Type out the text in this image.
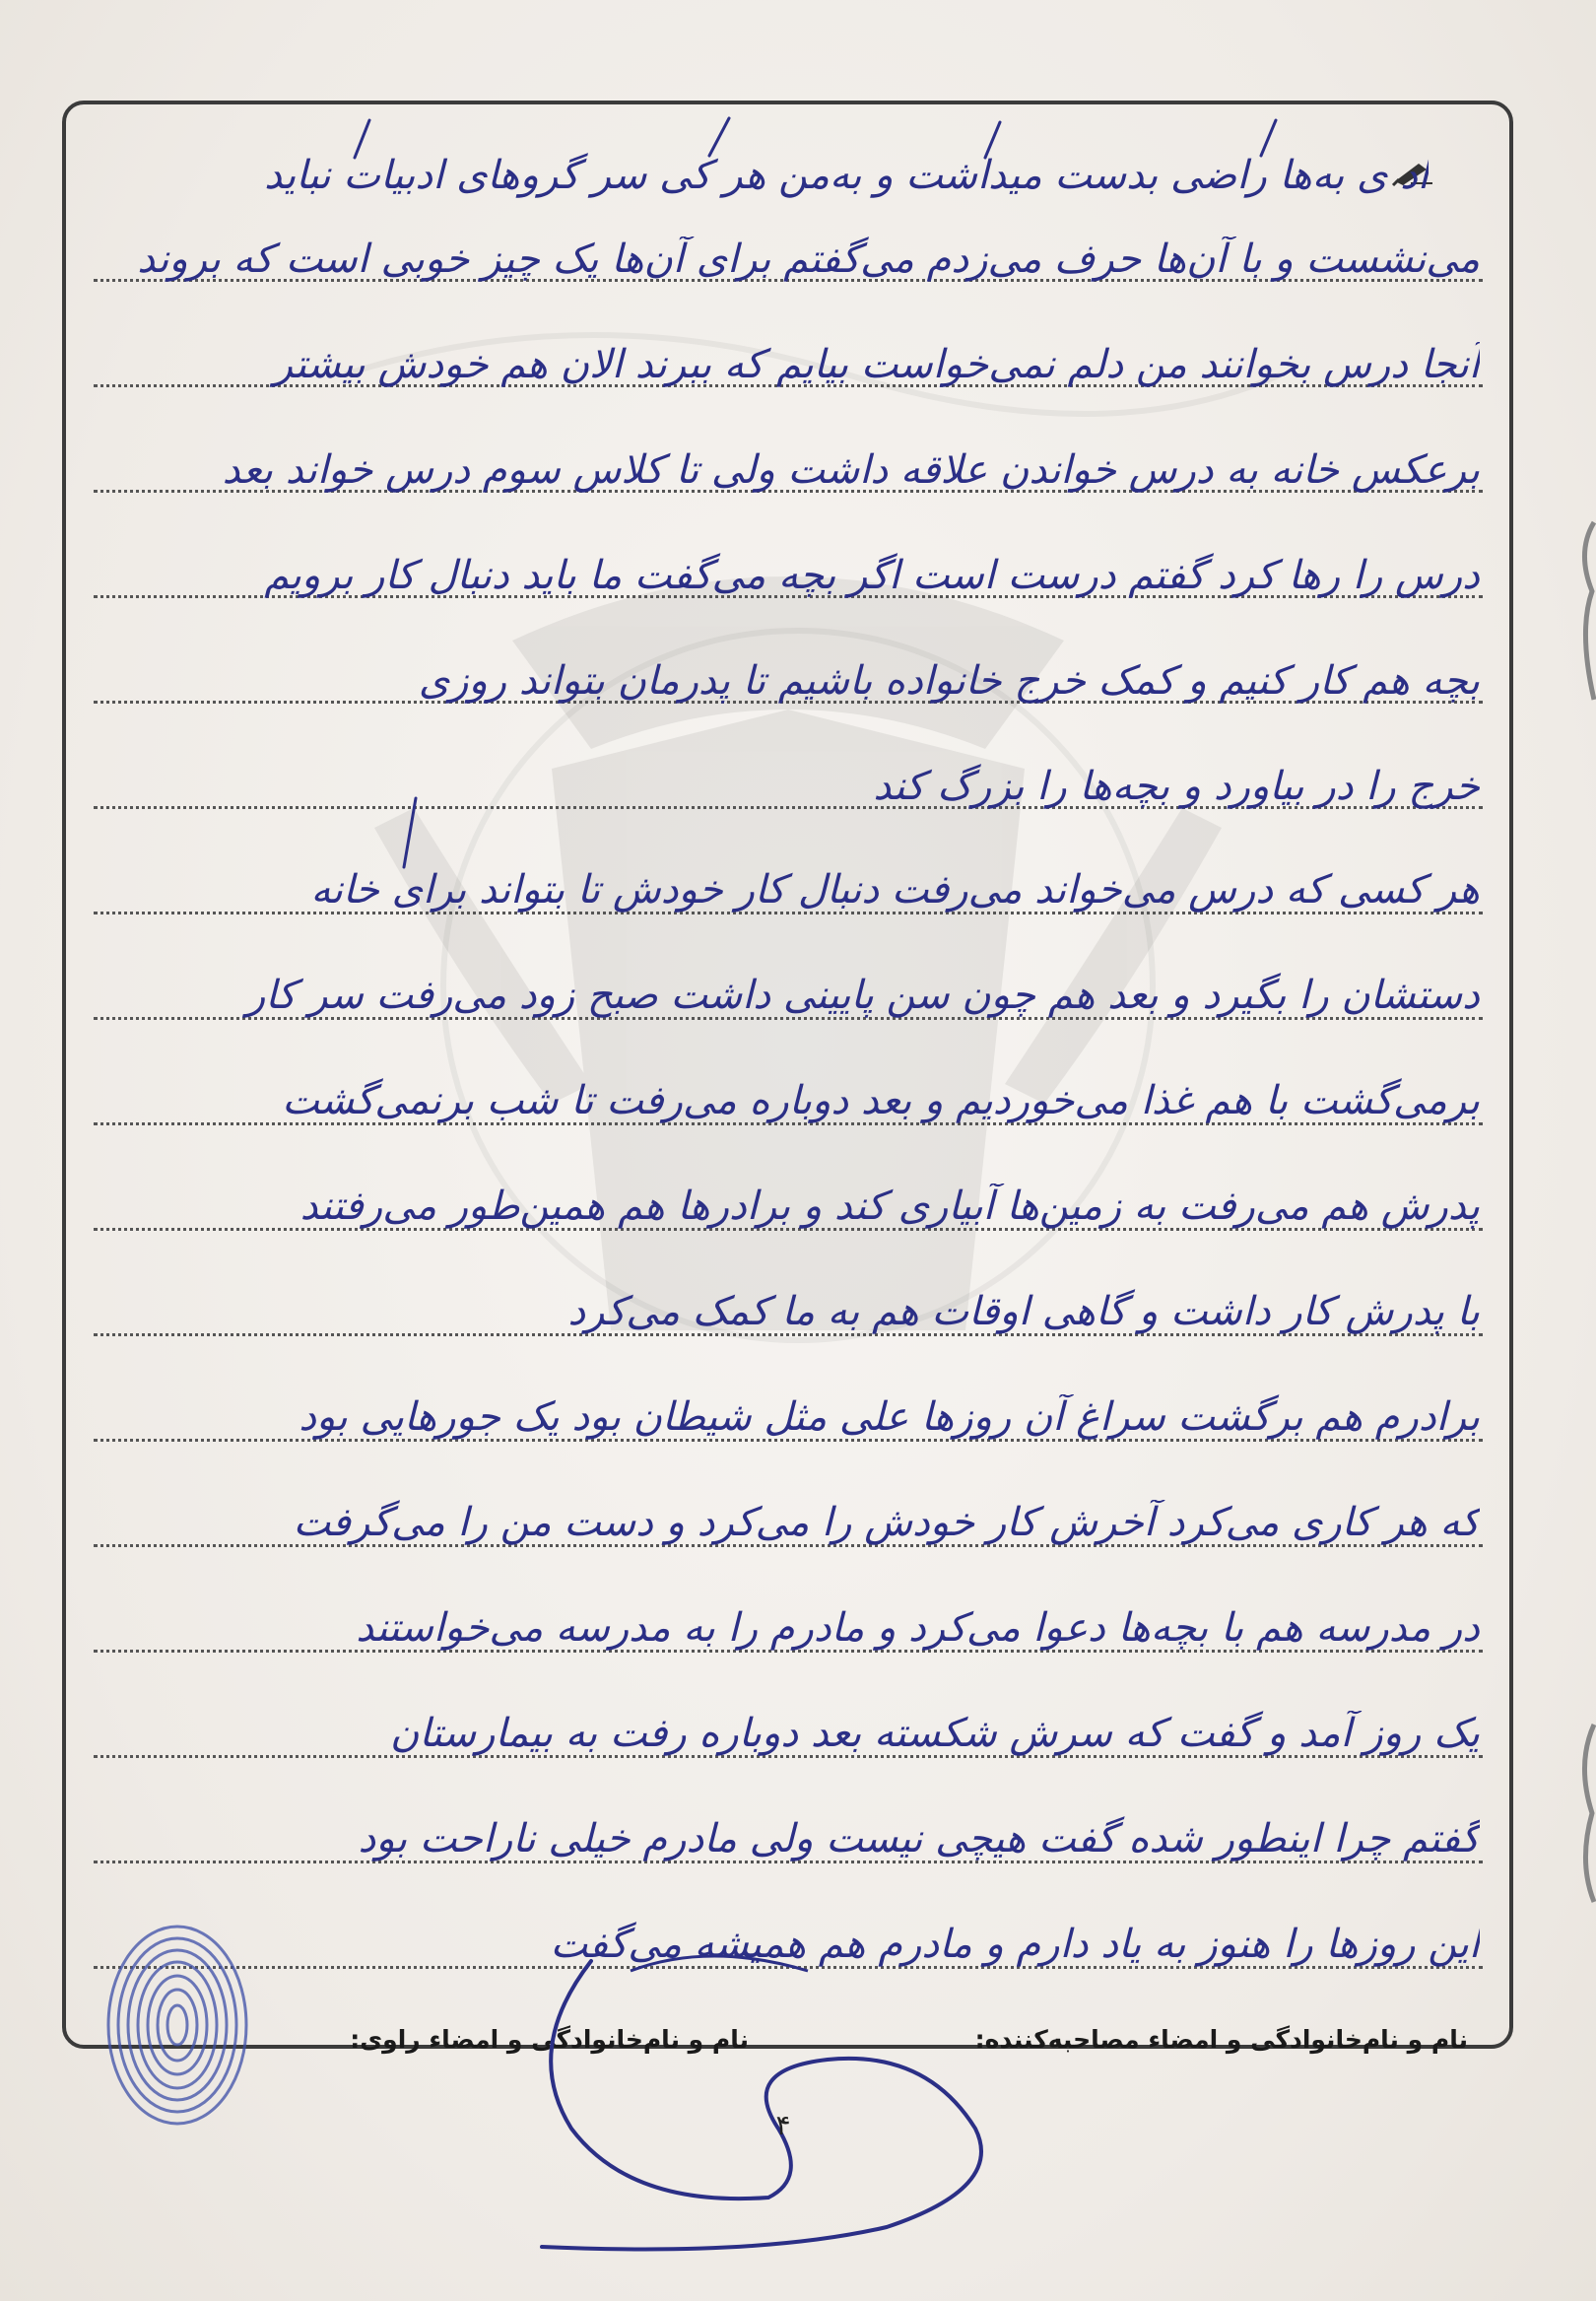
اد ی به‌ها راضی بدست میداشت و به‌من هر کی سر گروهای ادبیات نباید
می‌نشست و با آن‌ها حرف می‌زدم می‌گفتم برای آن‌ها یک چیز خوبی است که بروند
آنجا درس بخوانند من دلم نمی‌خواست بیایم که ببرند الان هم خودش بیشتر
برعکس خانه به درس خواندن علاقه داشت ولی تا کلاس سوم درس خواند بعد
درس را رها کرد گفتم درست است اگر بچه می‌گفت ما باید دنبال کار برویم
بچه هم کار کنیم و کمک خرج خانواده باشیم تا پدرمان بتواند روزی
خرج را در بیاورد و بچه‌ها را بزرگ کند
هر کسی که درس می‌خواند می‌رفت دنبال کار خودش تا بتواند برای خانه
دستشان را بگیرد و بعد هم چون سن پایینی داشت صبح زود می‌رفت سر کار
برمی‌گشت با هم غذا می‌خوردیم و بعد دوباره می‌رفت تا شب برنمی‌گشت
پدرش هم می‌رفت به زمین‌ها آبیاری کند و برادرها هم همین‌طور می‌رفتند
با پدرش کار داشت و گاهی اوقات هم به ما کمک می‌کرد
برادرم هم برگشت سراغ آن روزها علی مثل شیطان بود یک جورهایی بود
که هر کاری می‌کرد آخرش کار خودش را می‌کرد و دست من را می‌گرفت
در مدرسه هم با بچه‌ها دعوا می‌کرد و مادرم را به مدرسه می‌خواستند
یک روز آمد و گفت که سرش شکسته بعد دوباره رفت به بیمارستان
گفتم چرا اینطور شده گفت هیچی نیست ولی مادرم خیلی ناراحت بود
این روزها را هنوز به یاد دارم و مادرم هم همیشه می‌گفت
نام و نام‌خانوادگی و امضاء مصاحبه‌کننده:
نام و نام‌خانوادگی و امضاء راوی:
۴
